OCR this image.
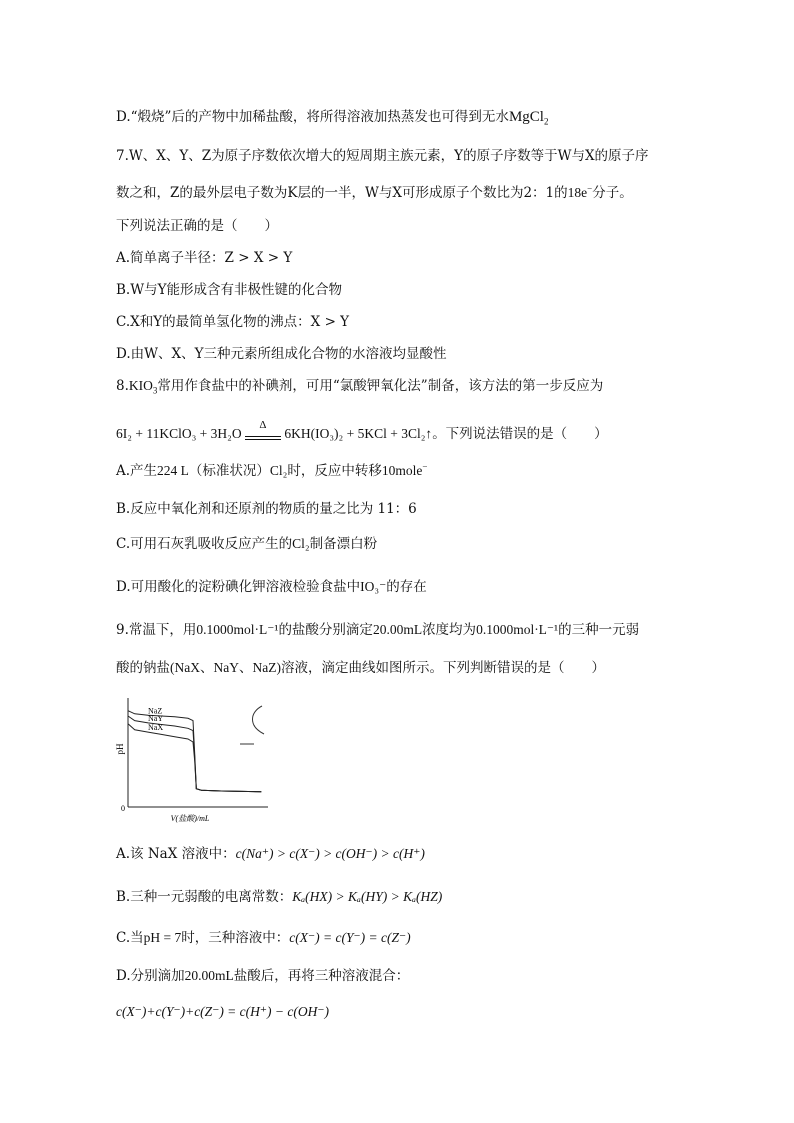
D.“煅烧”后的产物中加稀盐酸，将所得溶液加热蒸发也可得到无水MgCl$_2$
7.W、X、Y、Z为原子序数依次增大的短周期主族元素，Y的原子序数等于W与X的原子序
数之和，Z的最外层电子数为K层的一半，W与X可形成原子个数比为2：1的18e−分子。
下列说法正确的是（　　）
A.简单离子半径：Z > X > Y
B.W与Y能形成含有非极性键的化合物
C.X和Y的最简单氢化物的沸点：X > Y
D.由W、X、Y三种元素所组成化合物的水溶液均显酸性
$8.KIO_3$常用作食盐中的补碘剂，可用“氯酸钾氧化法”制备，该方法的第一步反应为
6I₂ + 11KClO₃ + 3H₂O
Δ
6KH(IO₃)₂ + 5KCl + 3Cl₂↑。下列说法错误的是（　　）
A.产生224 L（标准状况）Cl₂时，反应中转移10mole−
B.反应中氧化剂和还原剂的物质的量之比为 11：6
C.可用石灰乳吸收反应产生的Cl₂制备漂白粉
D.可用酸化的淀粉碘化钾溶液检验食盐中IO₃⁻的存在
9.常温下，用0.1000mol·L⁻¹的盐酸分别滴定20.00mL浓度均为0.1000mol·L⁻¹的三种一元弱
酸的钠盐(NaX、NaY、NaZ)溶液，滴定曲线如图所示。下列判断错误的是（　　）
pH
0
V(盐酸)/mL
NaZ
NaY
NaX
A.该 NaX 溶液中：c(Na⁺) > c(X⁻) > c(OH⁻) > c(H⁺)
B.三种一元弱酸的电离常数：Kₐ(HX) > Kₐ(HY) > Kₐ(HZ)
C.当pH = 7时，三种溶液中：c(X⁻) = c(Y⁻) = c(Z⁻)
D.分别滴加20.00mL盐酸后，再将三种溶液混合：
c(X⁻)+c(Y⁻)+c(Z⁻) = c(H⁺) − c(OH⁻)
